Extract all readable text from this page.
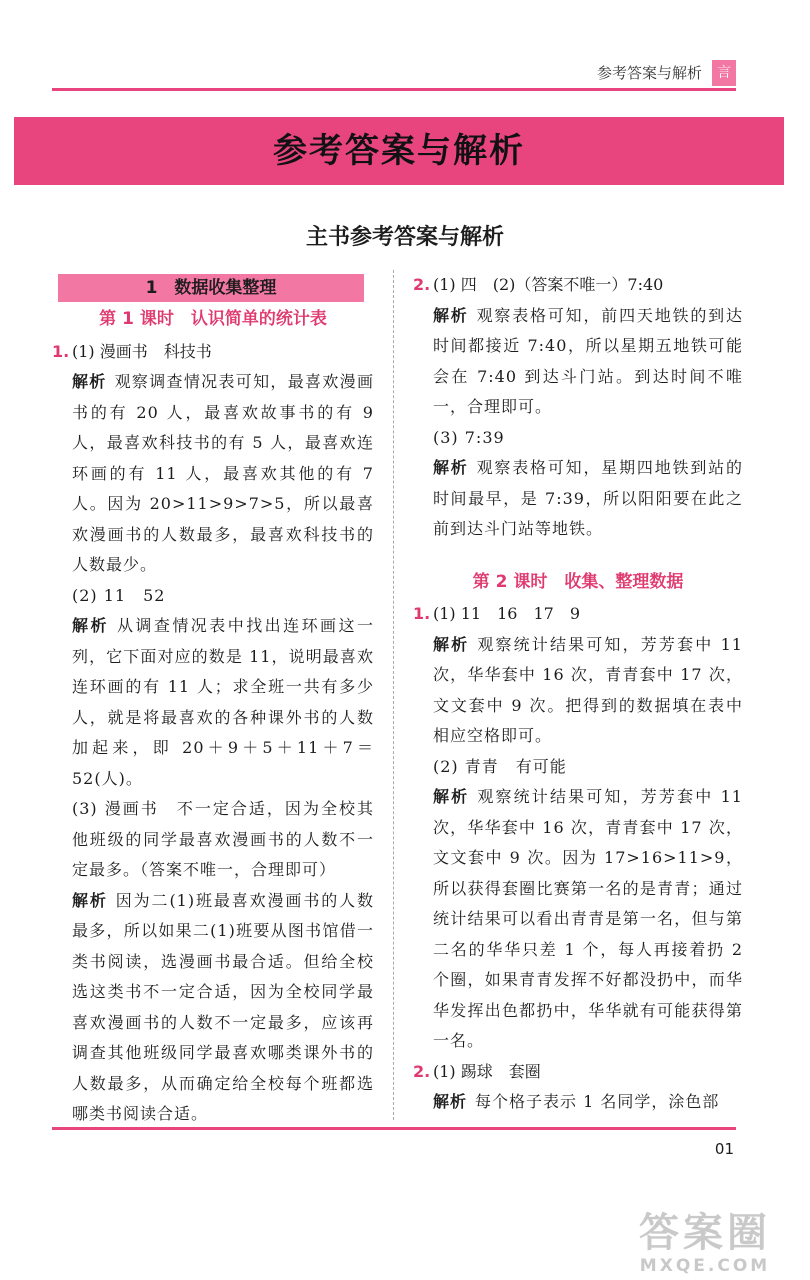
参考答案与解析	言
参考答案与解析
主书参考答案与解析
1　数据收集整理
第 1 课时　认识简单的统计表
1. (1) 漫画书　科技书
解析 观察调查情况表可知，最喜欢漫画书的有 20 人，最喜欢故事书的有 9 人，最喜欢科技书的有 5 人，最喜欢连环画的有 11 人，最喜欢其他的有 7 人。因为 20>11>9>7>5，所以最喜欢漫画书的人数最多，最喜欢科技书的人数最少。
(2) 11　52
解析 从调查情况表中找出连环画这一列，它下面对应的数是 11，说明最喜欢连环画的有 11 人；求全班一共有多少人，就是将最喜欢的各种课外书的人数加起来，即 20＋9＋5＋11＋7＝52(人)。
(3) 漫画书　不一定合适，因为全校其他班级的同学最喜欢漫画书的人数不一定最多。（答案不唯一，合理即可）
解析 因为二(1)班最喜欢漫画书的人数最多，所以如果二(1)班要从图书馆借一类书阅读，选漫画书最合适。但给全校选这类书不一定合适，因为全校同学最喜欢漫画书的人数不一定最多，应该再调查其他班级同学最喜欢哪类课外书的人数最多，从而确定给全校每个班都选哪类书阅读合适。
2. (1) 四　(2)（答案不唯一）7:40
解析 观察表格可知，前四天地铁的到达时间都接近 7:40，所以星期五地铁可能会在 7:40 到达斗门站。到达时间不唯一，合理即可。
(3) 7:39
解析 观察表格可知，星期四地铁到站的时间最早，是 7:39，所以阳阳要在此之前到达斗门站等地铁。
第 2 课时　收集、整理数据
1. (1) 11　16　17　9
解析 观察统计结果可知，芳芳套中 11 次，华华套中 16 次，青青套中 17 次，文文套中 9 次。把得到的数据填在表中相应空格即可。
(2) 青青　有可能
解析 观察统计结果可知，芳芳套中 11 次，华华套中 16 次，青青套中 17 次，文文套中 9 次。因为 17>16>11>9，所以获得套圈比赛第一名的是青青；通过统计结果可以看出青青是第一名，但与第二名的华华只差 1 个，每人再接着扔 2 个圈，如果青青发挥不好都没扔中，而华华发挥出色都扔中，华华就有可能获得第一名。
2. (1) 踢球　套圈
解析 每个格子表示 1 名同学，涂色部
01
答案圈
MXQE.COM
